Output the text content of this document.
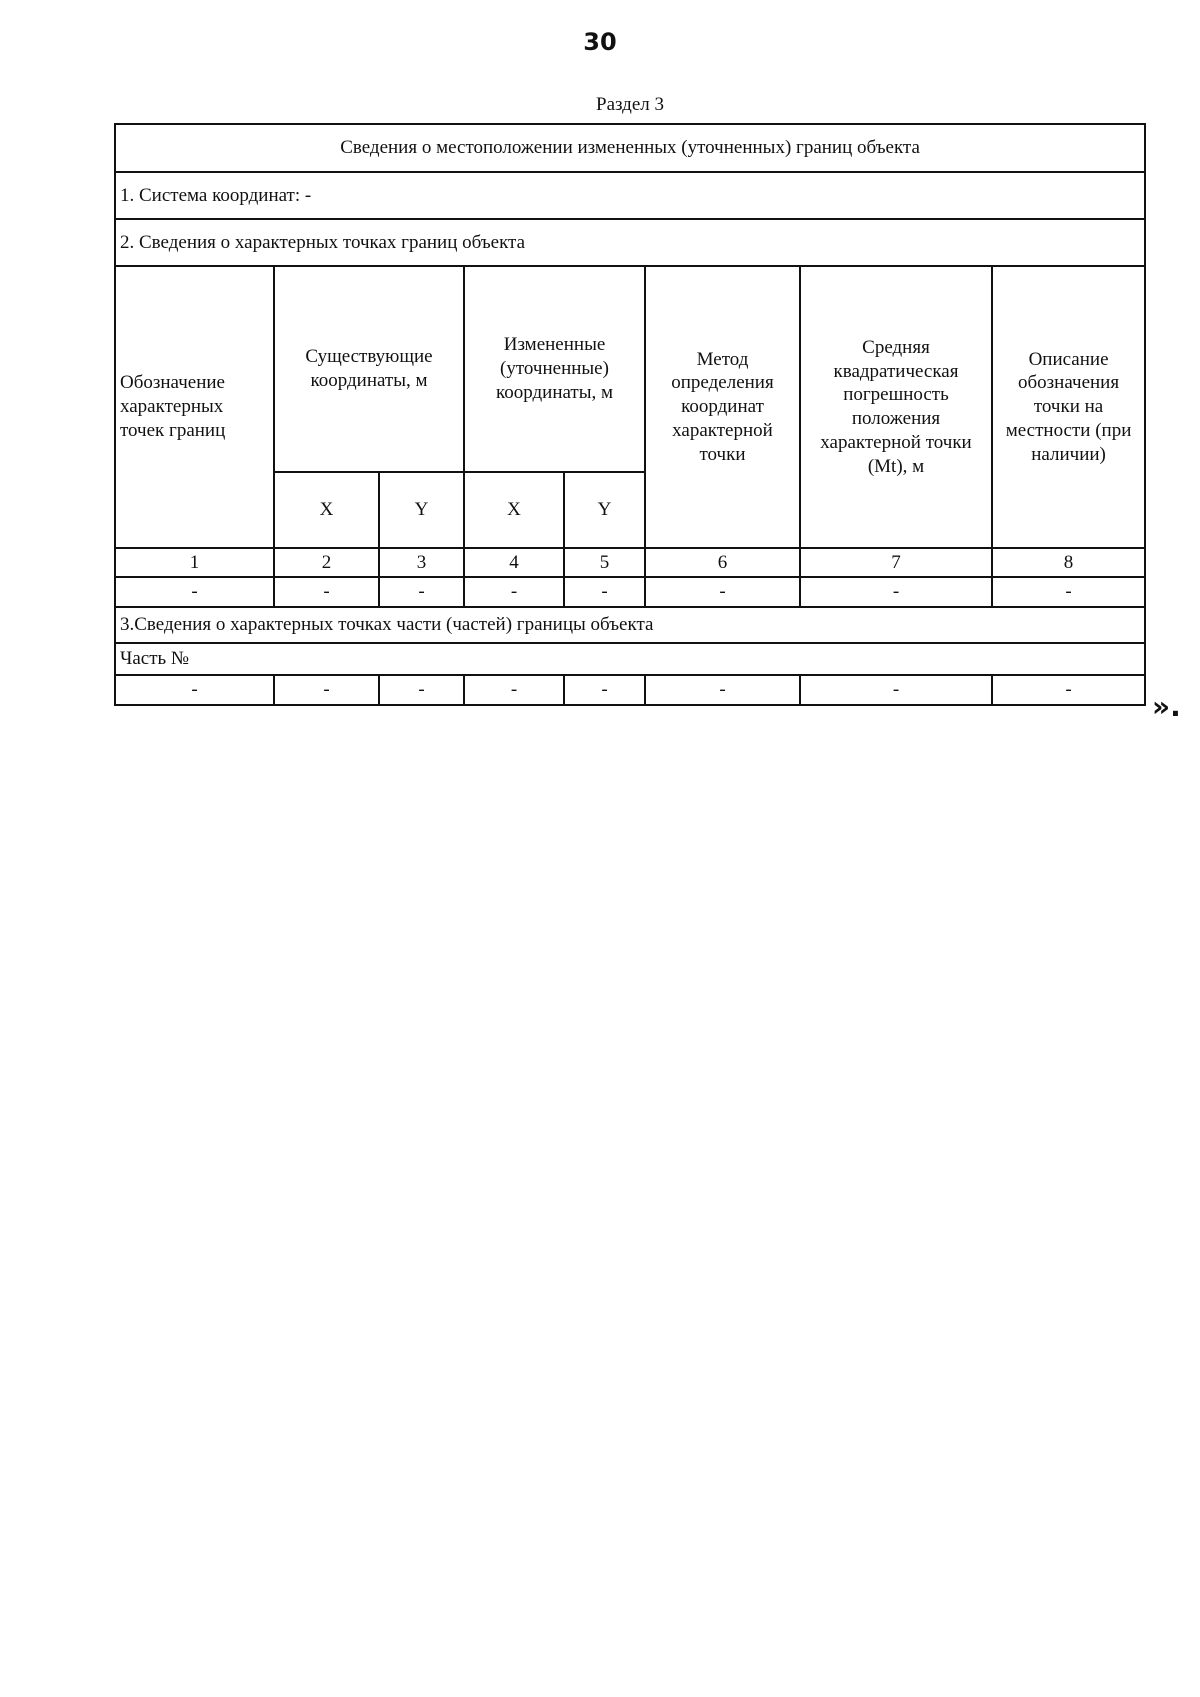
30
Раздел 3
Сведения о местоположении измененных (уточненных) границ объекта							
1. Система координат: -							
2. Сведения о характерных точках границ объекта							
Обозначение характерных точек границ	Существующие координаты, м		Измененные (уточненные) координаты, м		Метод определения координат характерной точки	Средняя квадратическая погрешность положения характерной точки (Mt), м	Описание обозначения точки на местности (при наличии)
	X	Y	X	Y			
1	2	3	4	5	6	7	8
-	-	-	-	-	-	-	-
3.Сведения о характерных точках части (частей) границы объекта							
Часть №							
-	-	-	-	-	-	-	-
».
